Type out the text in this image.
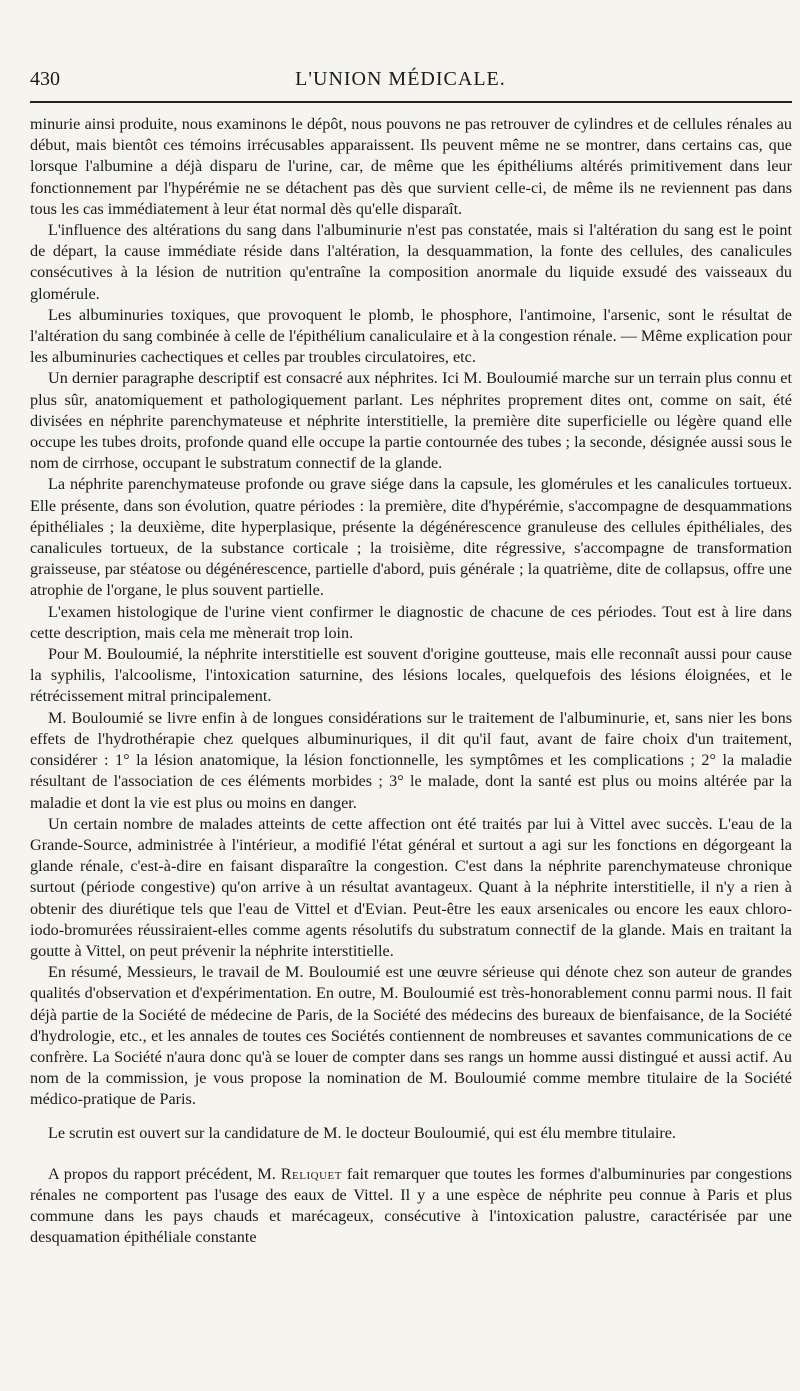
430	L'UNION MÉDICALE.

minurie ainsi produite, nous examinons le dépôt, nous pouvons ne pas retrouver de cylindres et de cellules rénales au début, mais bientôt ces témoins irrécusables apparaissent. Ils peuvent même ne se montrer, dans certains cas, que lorsque l'albumine a déjà disparu de l'urine, car, de même que les épithéliums altérés primitivement dans leur fonctionnement par l'hypérémie ne se détachent pas dès que survient celle-ci, de même ils ne reviennent pas dans tous les cas immédiatement à leur état normal dès qu'elle disparaît.

L'influence des altérations du sang dans l'albuminurie n'est pas constatée, mais si l'altération du sang est le point de départ, la cause immédiate réside dans l'altération, la desquammation, la fonte des cellules, des canalicules consécutives à la lésion de nutrition qu'entraîne la composition anormale du liquide exsudé des vaisseaux du glomérule.

Les albuminuries toxiques, que provoquent le plomb, le phosphore, l'antimoine, l'arsenic, sont le résultat de l'altération du sang combinée à celle de l'épithélium canaliculaire et à la congestion rénale. — Même explication pour les albuminuries cachectiques et celles par troubles circulatoires, etc.

Un dernier paragraphe descriptif est consacré aux néphrites. Ici M. Bouloumié marche sur un terrain plus connu et plus sûr, anatomiquement et pathologiquement parlant. Les néphrites proprement dites ont, comme on sait, été divisées en néphrite parenchymateuse et néphrite interstitielle, la première dite superficielle ou légère quand elle occupe les tubes droits, profonde quand elle occupe la partie contournée des tubes ; la seconde, désignée aussi sous le nom de cirrhose, occupant le substratum connectif de la glande.

La néphrite parenchymateuse profonde ou grave siége dans la capsule, les glomérules et les canalicules tortueux. Elle présente, dans son évolution, quatre périodes : la première, dite d'hypérémie, s'accompagne de desquammations épithéliales ; la deuxième, dite hyperplasique, présente la dégénérescence granuleuse des cellules épithéliales, des canalicules tortueux, de la substance corticale ; la troisième, dite régressive, s'accompagne de transformation graisseuse, par stéatose ou dégénérescence, partielle d'abord, puis générale ; la quatrième, dite de collapsus, offre une atrophie de l'organe, le plus souvent partielle.

L'examen histologique de l'urine vient confirmer le diagnostic de chacune de ces périodes. Tout est à lire dans cette description, mais cela me mènerait trop loin.

Pour M. Bouloumié, la néphrite interstitielle est souvent d'origine goutteuse, mais elle reconnaît aussi pour cause la syphilis, l'alcoolisme, l'intoxication saturnine, des lésions locales, quelquefois des lésions éloignées, et le rétrécissement mitral principalement.

M. Bouloumié se livre enfin à de longues considérations sur le traitement de l'albuminurie, et, sans nier les bons effets de l'hydrothérapie chez quelques albuminuriques, il dit qu'il faut, avant de faire choix d'un traitement, considérer : 1° la lésion anatomique, la lésion fonctionnelle, les symptômes et les complications ; 2° la maladie résultant de l'association de ces éléments morbides ; 3° le malade, dont la santé est plus ou moins altérée par la maladie et dont la vie est plus ou moins en danger.

Un certain nombre de malades atteints de cette affection ont été traités par lui à Vittel avec succès. L'eau de la Grande-Source, administrée à l'intérieur, a modifié l'état général et surtout a agi sur les fonctions en dégorgeant la glande rénale, c'est-à-dire en faisant disparaître la congestion. C'est dans la néphrite parenchymateuse chronique surtout (période congestive) qu'on arrive à un résultat avantageux. Quant à la néphrite interstitielle, il n'y a rien à obtenir des diurétique tels que l'eau de Vittel et d'Evian. Peut-être les eaux arsenicales ou encore les eaux chloro-iodo-bromurées réussiraient-elles comme agents résolutifs du substratum connectif de la glande. Mais en traitant la goutte à Vittel, on peut prévenir la néphrite interstitielle.

En résumé, Messieurs, le travail de M. Bouloumié est une œuvre sérieuse qui dénote chez son auteur de grandes qualités d'observation et d'expérimentation. En outre, M. Bouloumié est très-honorablement connu parmi nous. Il fait déjà partie de la Société de médecine de Paris, de la Société des médecins des bureaux de bienfaisance, de la Société d'hydrologie, etc., et les annales de toutes ces Sociétés contiennent de nombreuses et savantes communications de ce confrère. La Société n'aura donc qu'à se louer de compter dans ses rangs un homme aussi distingué et aussi actif. Au nom de la commission, je vous propose la nomination de M. Bouloumié comme membre titulaire de la Société médico-pratique de Paris.

Le scrutin est ouvert sur la candidature de M. le docteur Bouloumié, qui est élu membre titulaire.

A propos du rapport précédent, M. Reliquet fait remarquer que toutes les formes d'albuminuries par congestions rénales ne comportent pas l'usage des eaux de Vittel. Il y a une espèce de néphrite peu connue à Paris et plus commune dans les pays chauds et marécageux, consécutive à l'intoxication palustre, caractérisée par une desquamation épithéliale constante
